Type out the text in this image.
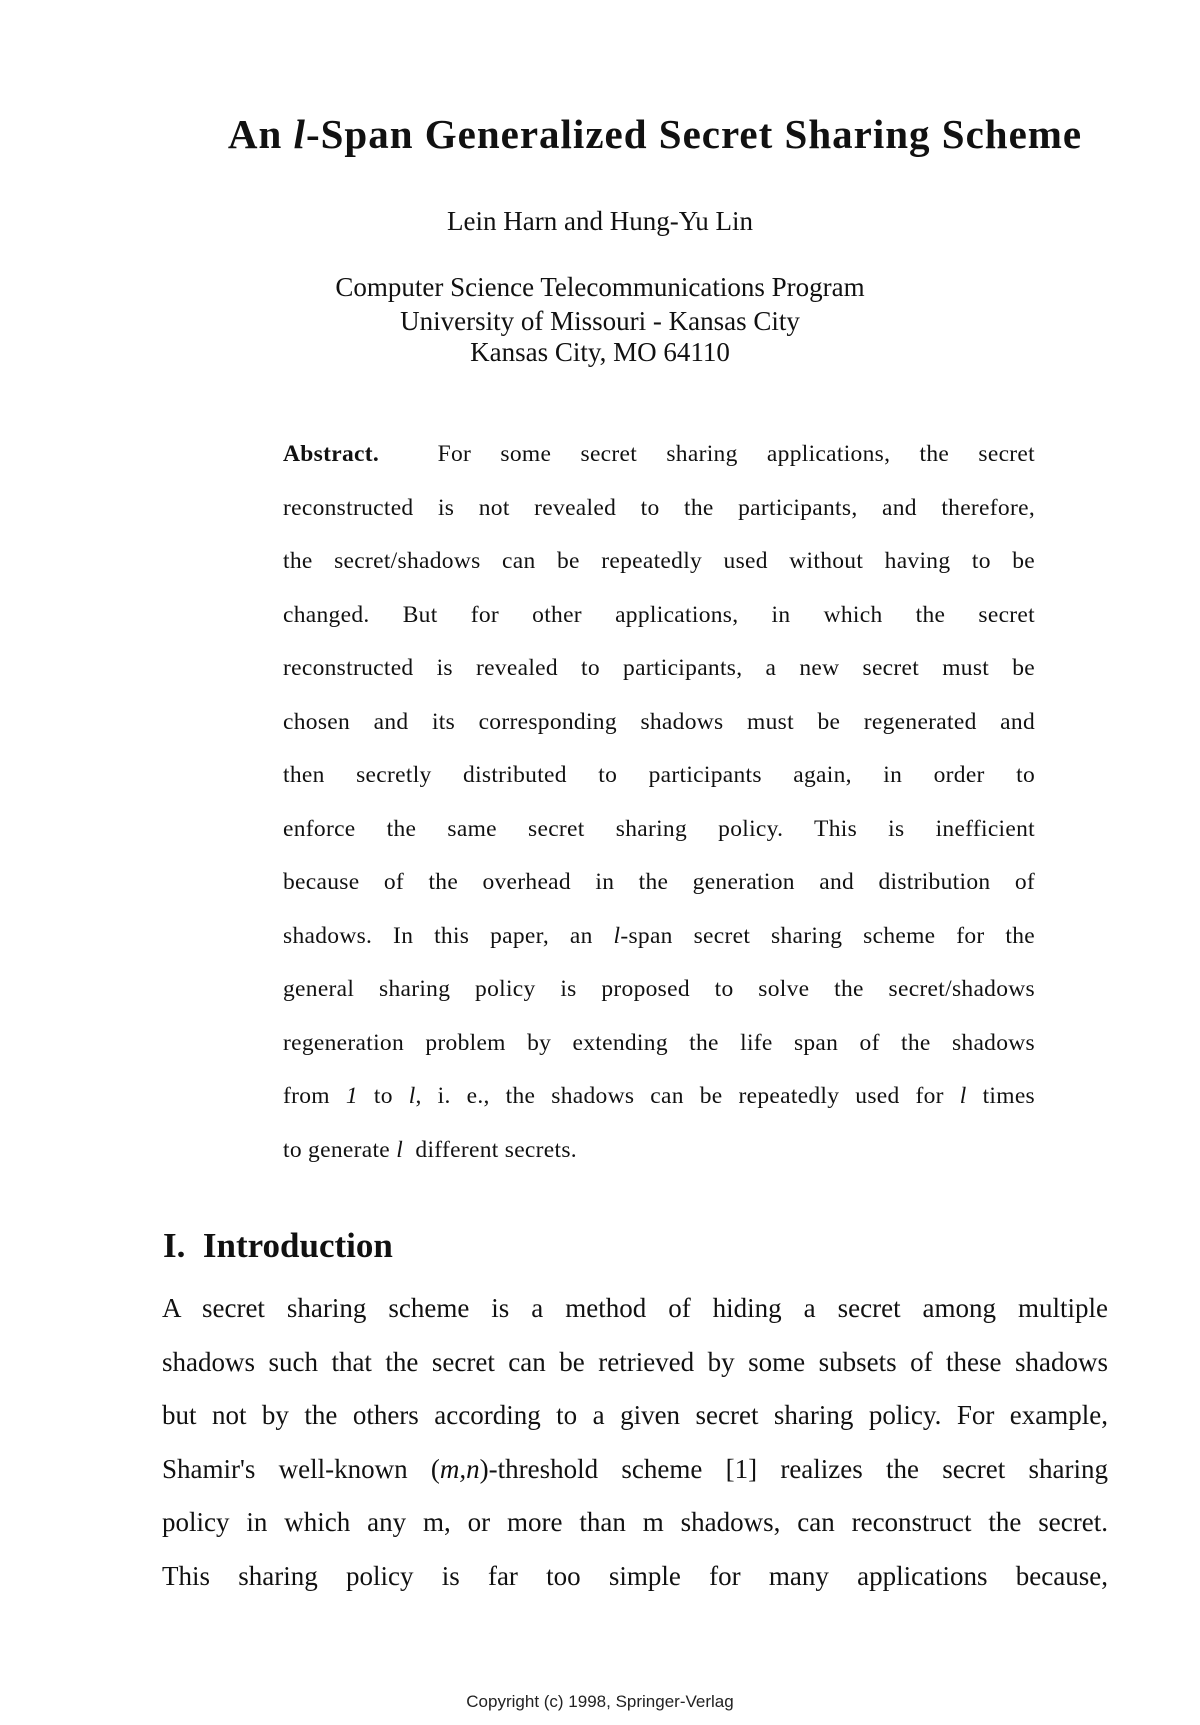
An l-Span Generalized Secret Sharing Scheme
Lein Harn and Hung-Yu Lin
Computer Science Telecommunications Program
University of Missouri - Kansas City
Kansas City, MO 64110
Abstract. For some secret sharing applications, the secret
reconstructed is not revealed to the participants, and therefore,
the secret/shadows can be repeatedly used without having to be
changed. But for other applications, in which the secret
reconstructed is revealed to participants, a new secret must be
chosen and its corresponding shadows must be regenerated and
then secretly distributed to participants again, in order to
enforce the same secret sharing policy. This is inefficient
because of the overhead in the generation and distribution of
shadows. In this paper, an l-span secret sharing scheme for the
general sharing policy is proposed to solve the secret/shadows
regeneration problem by extending the life span of the shadows
from 1 to l, i. e., the shadows can be repeatedly used for l times
to generate l  different secrets.
I.  Introduction
A secret sharing scheme is a method of hiding a secret among multiple
shadows such that the secret can be retrieved by some subsets of these shadows
but not by the others according to a given secret sharing policy. For example,
Shamir's well-known (m,n)-threshold scheme [1] realizes the secret sharing
policy in which any m, or more than m shadows, can reconstruct the secret.
This sharing policy is far too simple for many applications because,
Copyright (c) 1998, Springer-Verlag
